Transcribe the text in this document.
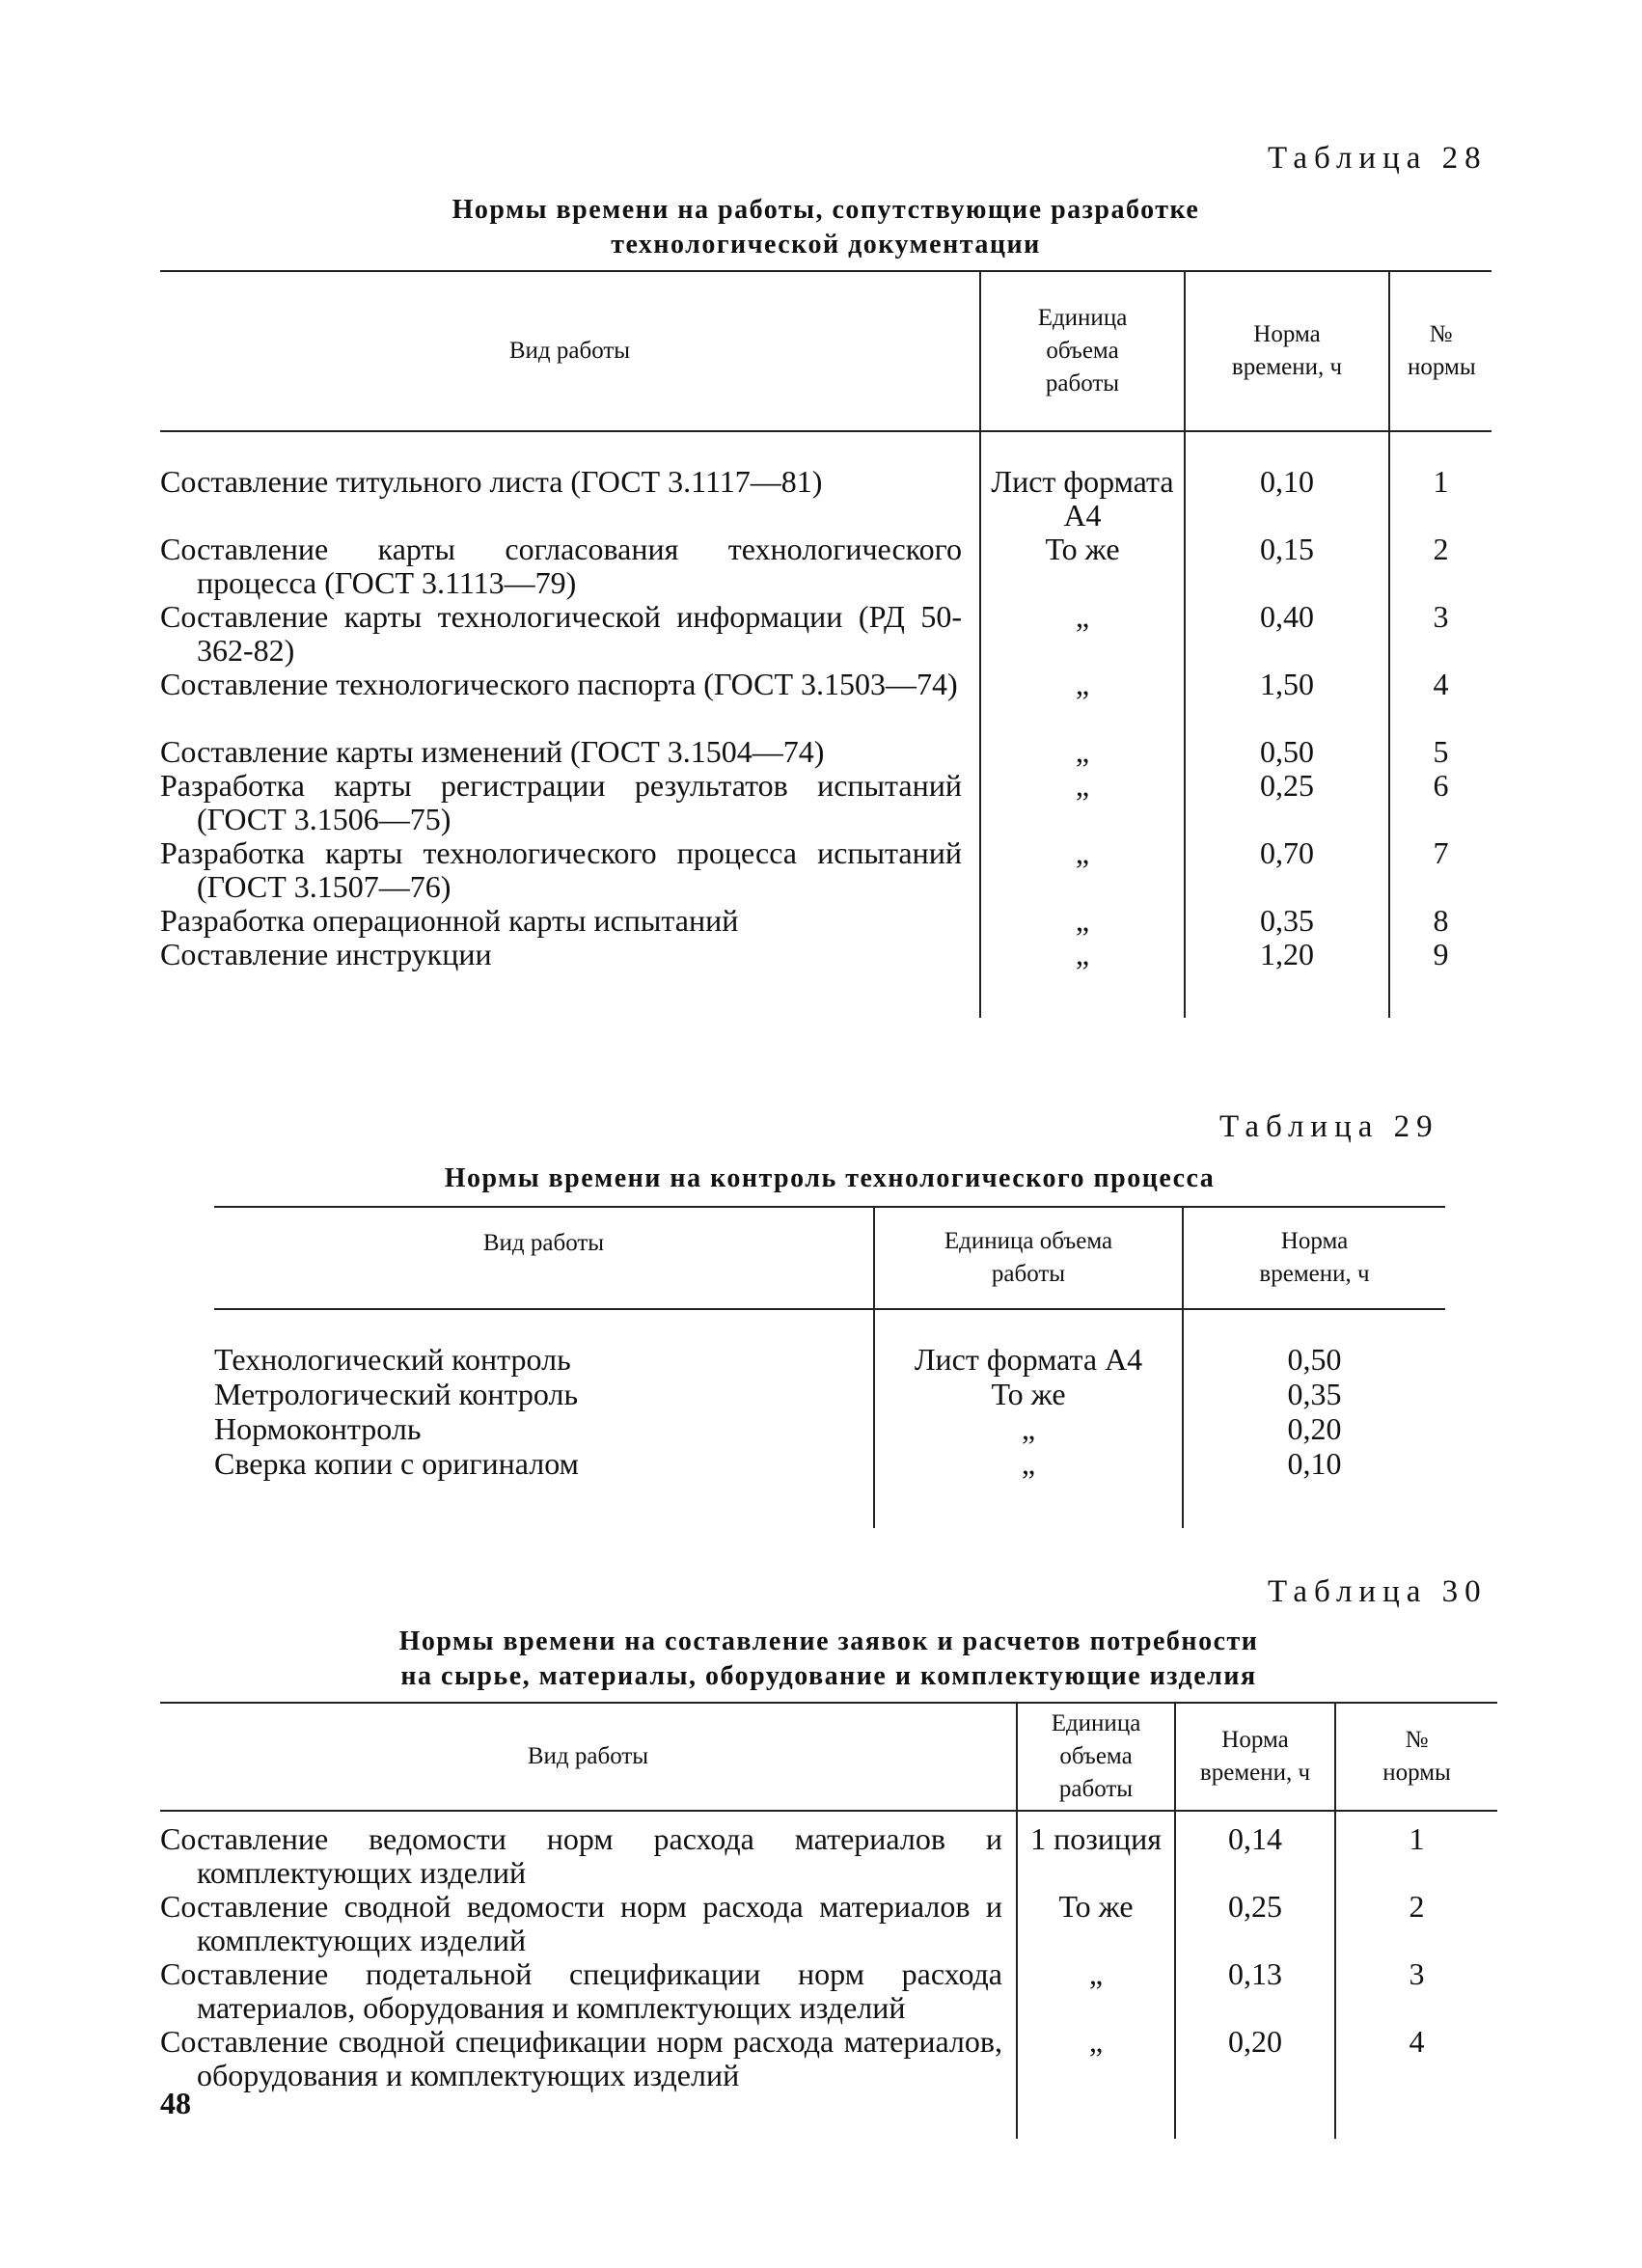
Таблица 28
Нормы времени на работы, сопутствующие разработке
технологической документации
Вид работы	Единица объема работы	Норма времени, ч	№ нормы

Составление титульного листа (ГОСТ 3.1117—81)	Лист формата А4	0,10	1

Составление карты согласования технологического процесса (ГОСТ 3.1113—79)	То же	0,15	2

Составление карты технологической информации (РД 50-362-82)	„	0,40	3

Составление технологического паспорта (ГОСТ 3.1503—74)	„	1,50	4

Составление карты изменений (ГОСТ 3.1504—74)	„	0,50	5

Разработка карты регистрации результатов испытаний (ГОСТ 3.1506—75)	„	0,25	6

Разработка карты технологического процесса испытаний (ГОСТ 3.1507—76)	„	0,70	7

Разработка операционной карты испытаний	„	0,35	8

Составление инструкции	„	1,20	9

Таблица 29
Нормы времени на контроль технологического процесса
Вид работы	Единица объема работы	Норма времени, ч

Технологический контроль	Лист формата А4	0,50

Метрологический контроль	То же	0,35

Нормоконтроль	„	0,20

Сверка копии с оригиналом	„	0,10

Таблица 30
Нормы времени на составление заявок и расчетов потребности
на сырье, материалы, оборудование и комплектующие изделия
Вид работы	Единица объема работы	Норма времени, ч	№ нормы

Составление ведомости норм расхода материалов и комплектующих изделий	1 позиция	0,14	1

Составление сводной ведомости норм расхода материалов и комплектующих изделий	То же	0,25	2

Составление подетальной спецификации норм расхода материалов, оборудования и комплектующих изделий	„	0,13	3

Составление сводной спецификации норм расхода материалов, оборудования и комплектующих изделий	„	0,20	4

48
